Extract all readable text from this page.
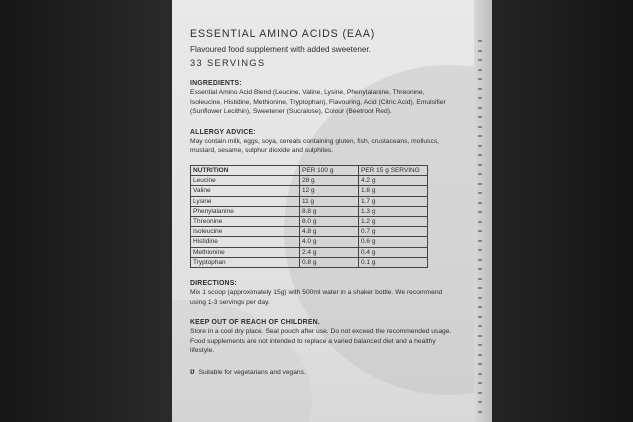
ESSENTIAL AMINO ACIDS (EAA)
Flavoured food supplement with added sweetener.
33 SERVINGS
INGREDIENTS:

Essential Amino Acid Blend (Leucine, Valine, Lysine, Phenylalanine, Threonine, Isoleucine, Histidine, Methionine, Tryptophan), Flavouring, Acid (Citric Acid), Emulsifier (Sunflower Lecithin), Sweetener (Sucralose), Colour (Beetroot Red).

ALLERGY ADVICE:

May contain milk, eggs, soya, cereals containing gluten, fish, crustaceans, molluscs, mustard, sesame, sulphur dioxide and sulphites.

NUTRITION	PER 100 g	PER 15 g SERVING
Leucine	28 g	4.2 g
Valine	12 g	1.8 g
Lysine	11 g	1.7 g
Phenylalanine	8.8 g	1.3 g
Threonine	8.0 g	1.2 g
Isoleucine	4.8 g	0.7 g
Histidine	4.0 g	0.6 g
Methionine	2.4 g	0.4 g
Tryptophan	0.8 g	0.1 g
DIRECTIONS:

Mix 1 scoop (approximately 15g) with 500ml water in a shaker bottle. We recommend using 1-3 servings per day.

KEEP OUT OF REACH OF CHILDREN.

Store in a cool dry place. Seal pouch after use. Do not exceed the recommended usage. Food supplements are not intended to replace a varied balanced diet and a healthy lifestyle.

ʋ Suitable for vegetarians and vegans.
